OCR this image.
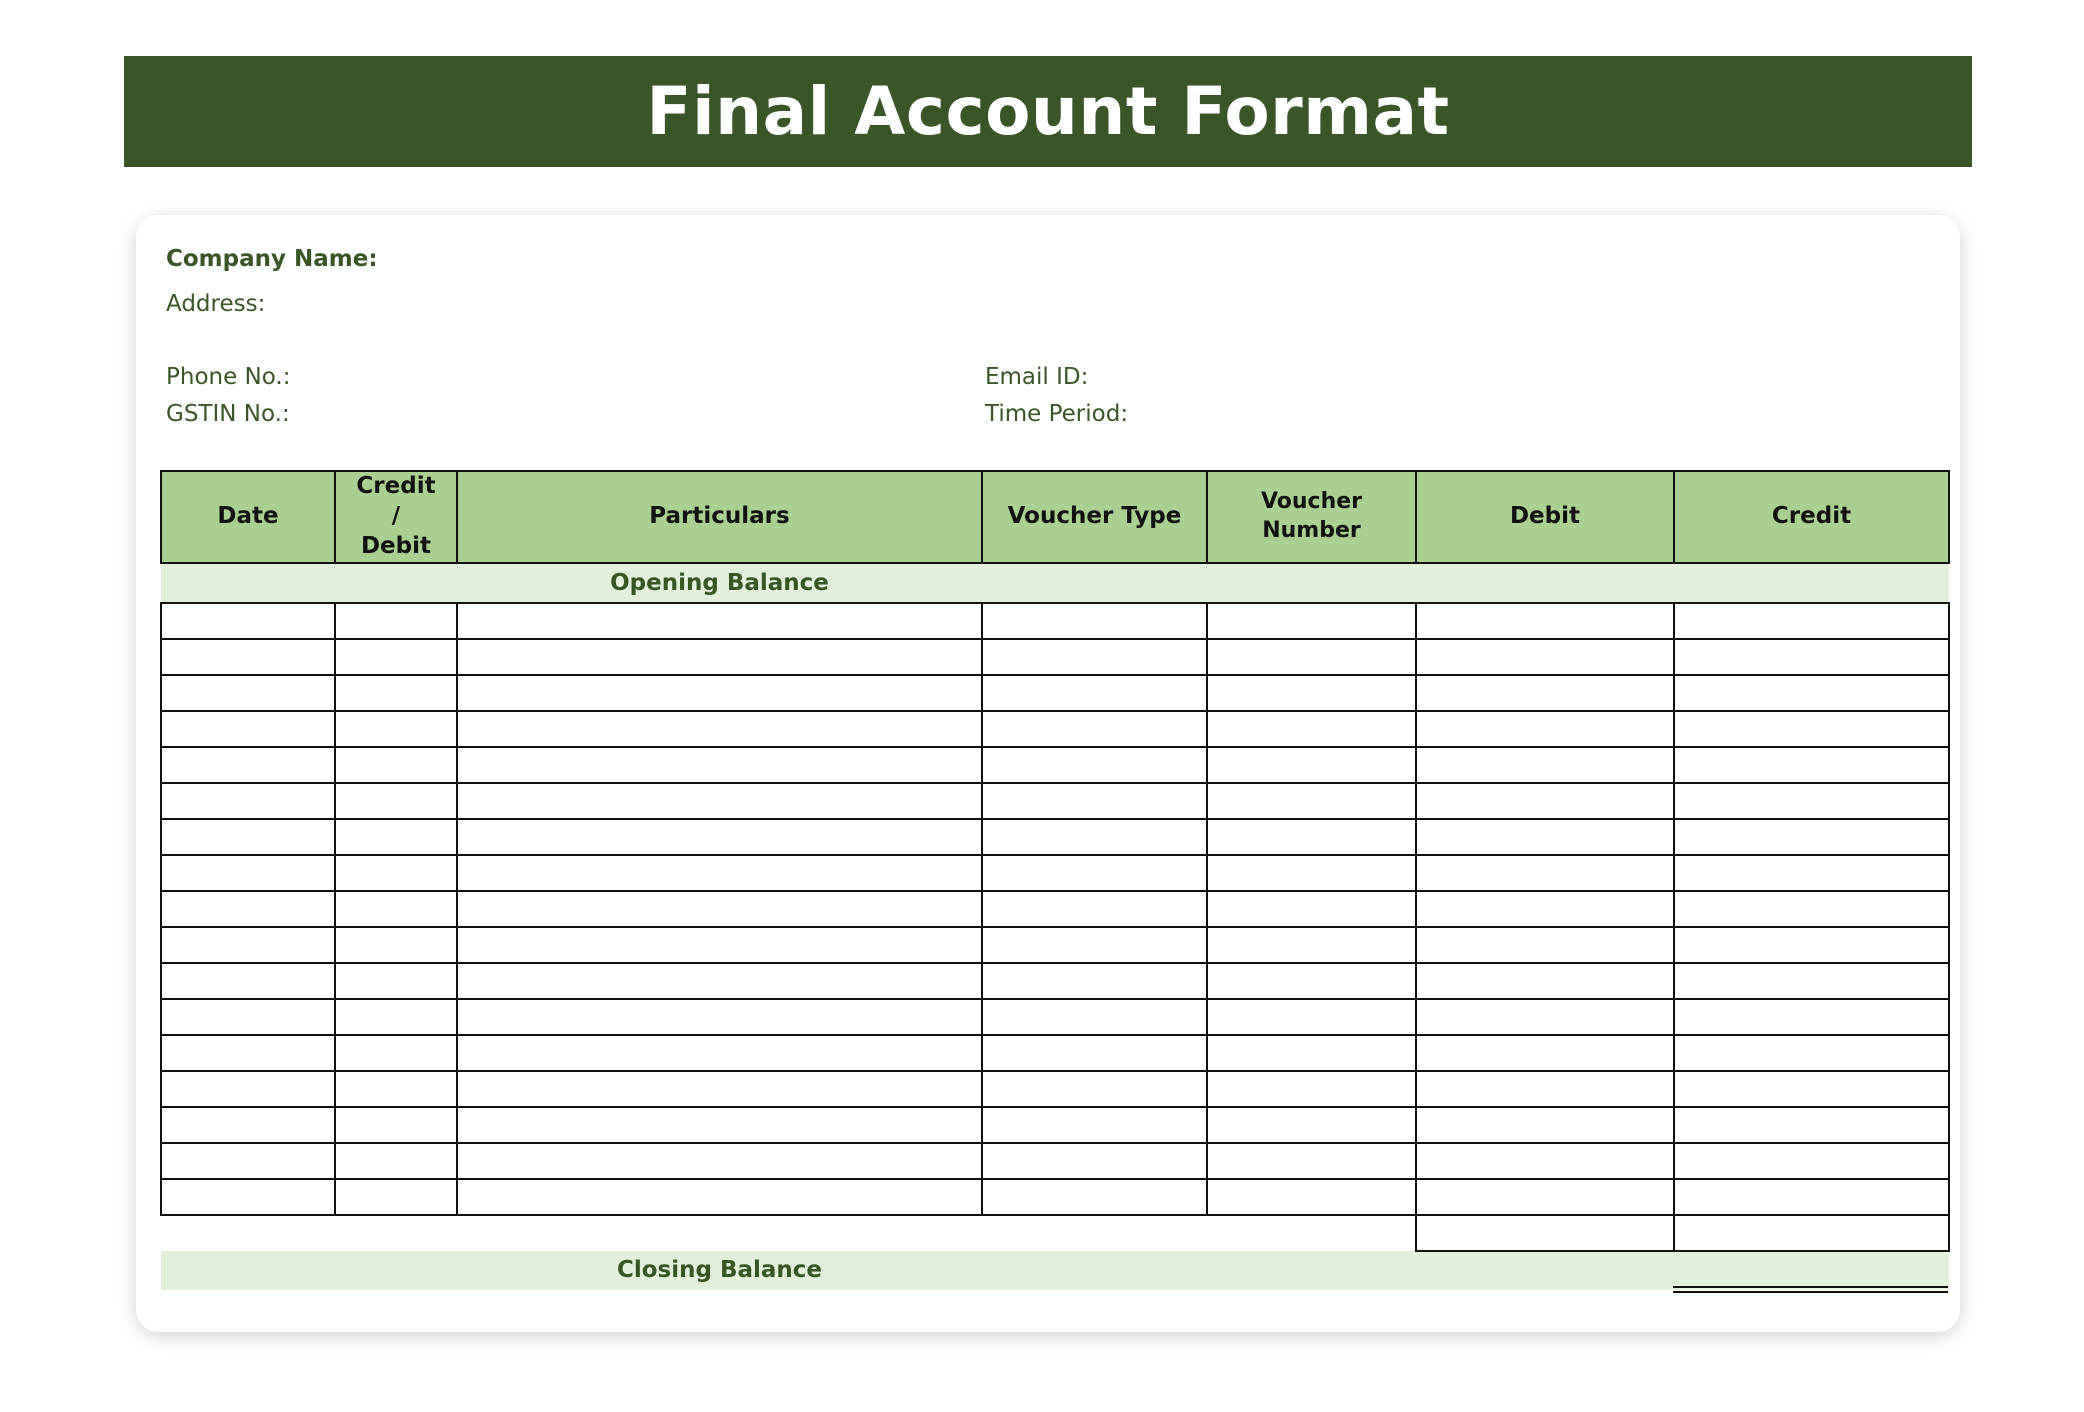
Final Account Format
Company Name:
Address:
Phone No.:
GSTIN No.:
Email ID:
Time Period:
Date	Credit / Debit	Particulars	Voucher Type	Voucher Number	Debit	Credit
		Opening Balance				

		Closing Balance				
